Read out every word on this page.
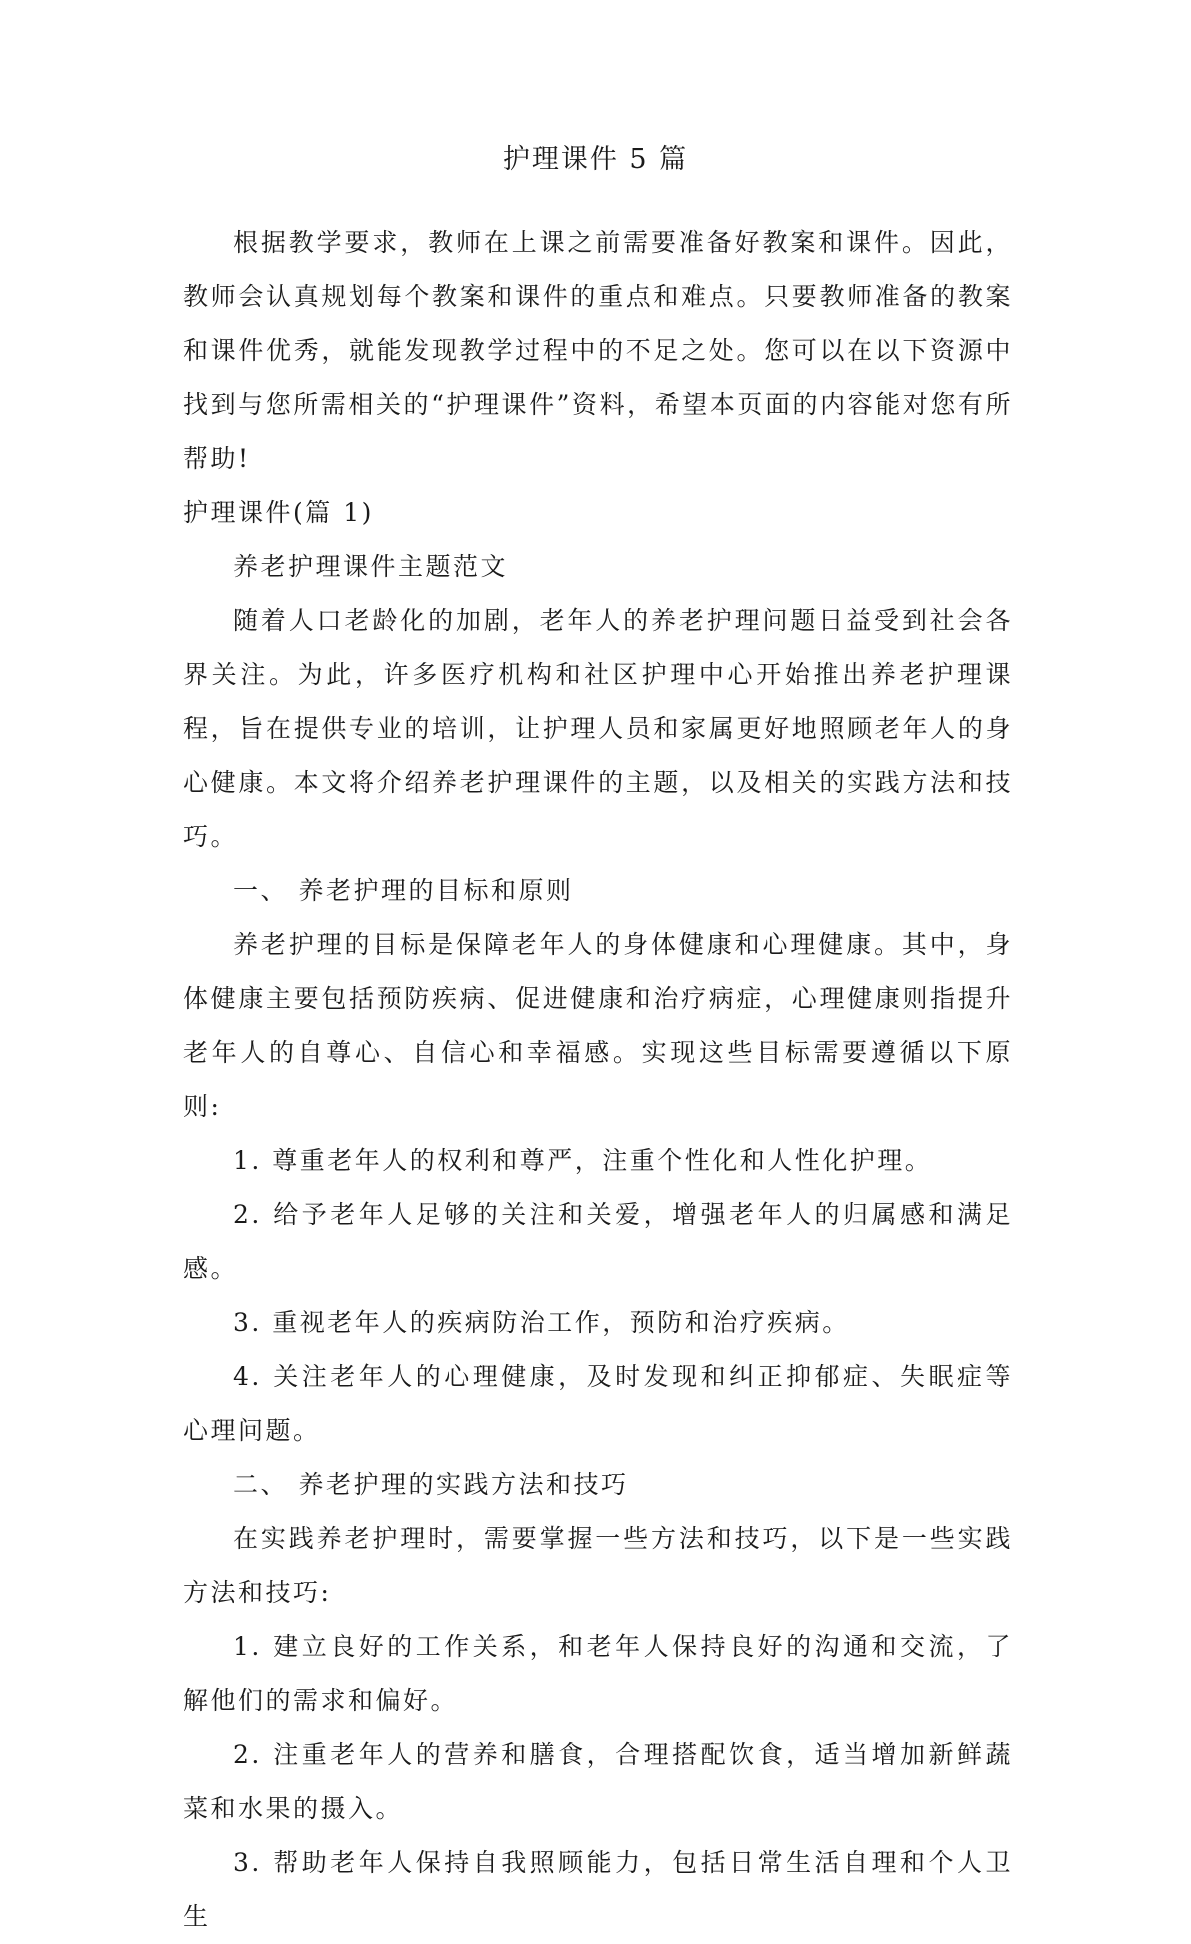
护理课件 5 篇

根据教学要求，教师在上课之前需要准备好教案和课件。因此，教师会认真规划每个教案和课件的重点和难点。只要教师准备的教案和课件优秀，就能发现教学过程中的不足之处。您可以在以下资源中找到与您所需相关的“护理课件”资料，希望本页面的内容能对您有所帮助!

护理课件(篇 1)

养老护理课件主题范文

随着人口老龄化的加剧，老年人的养老护理问题日益受到社会各界关注。为此，许多医疗机构和社区护理中心开始推出养老护理课程，旨在提供专业的培训，让护理人员和家属更好地照顾老年人的身心健康。本文将介绍养老护理课件的主题，以及相关的实践方法和技巧。

一、 养老护理的目标和原则

养老护理的目标是保障老年人的身体健康和心理健康。其中，身体健康主要包括预防疾病、促进健康和治疗病症，心理健康则指提升老年人的自尊心、自信心和幸福感。实现这些目标需要遵循以下原则:

1. 尊重老年人的权利和尊严，注重个性化和人性化护理。

2. 给予老年人足够的关注和关爱，增强老年人的归属感和满足感。

3. 重视老年人的疾病防治工作，预防和治疗疾病。

4. 关注老年人的心理健康，及时发现和纠正抑郁症、失眠症等心理问题。

二、 养老护理的实践方法和技巧

在实践养老护理时，需要掌握一些方法和技巧，以下是一些实践方法和技巧:

1. 建立良好的工作关系，和老年人保持良好的沟通和交流，了解他们的需求和偏好。

2. 注重老年人的营养和膳食，合理搭配饮食，适当增加新鲜蔬菜和水果的摄入。

3. 帮助老年人保持自我照顾能力，包括日常生活自理和个人卫生
